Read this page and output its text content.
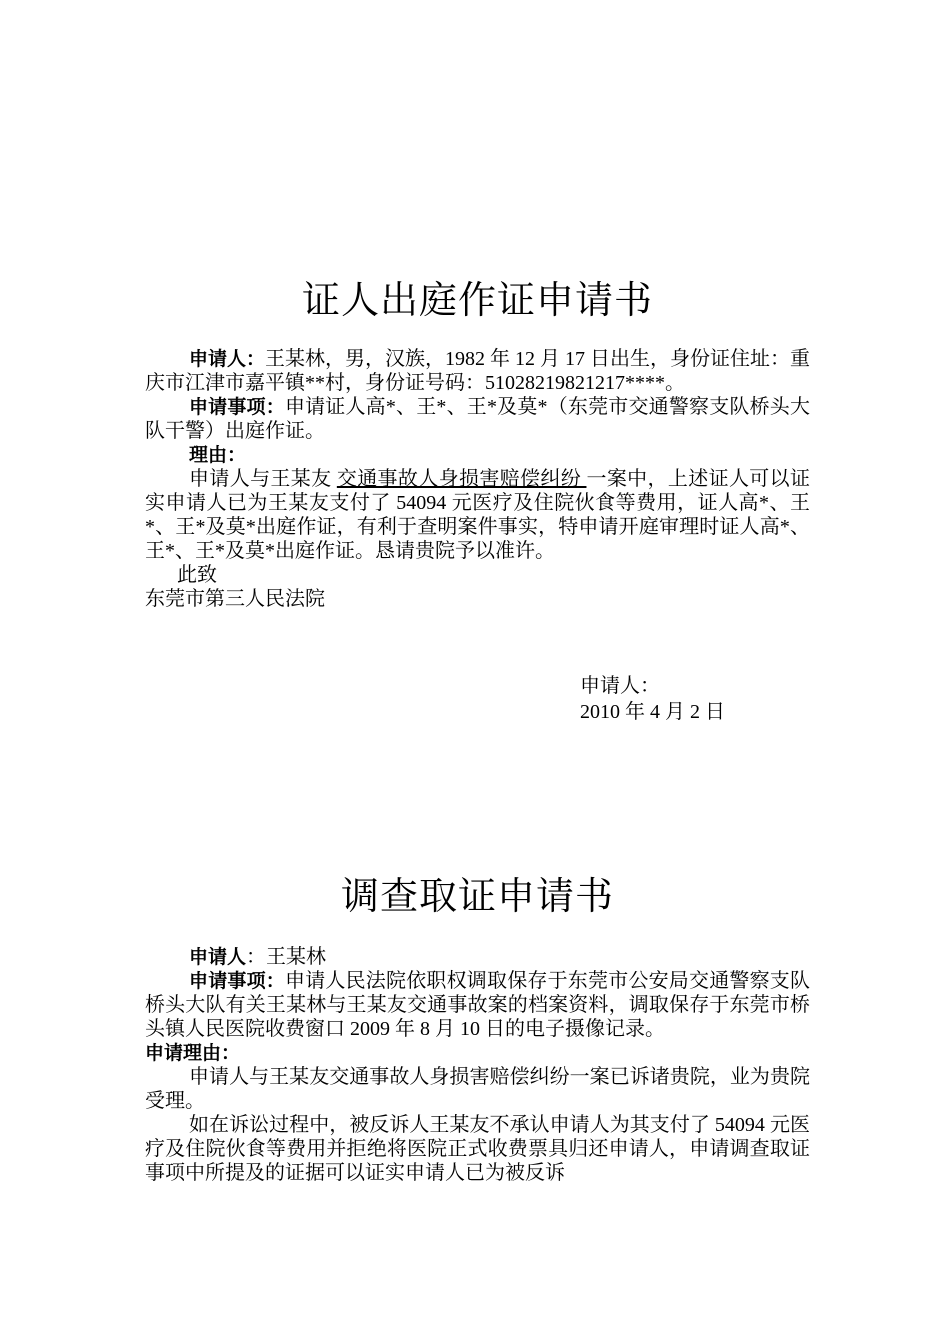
证人出庭作证申请书

申请人：王某林，男，汉族，1982 年 12 月 17 日出生，身份证住址：重庆市江津市嘉平镇**村，身份证号码：51028219821217****。

申请事项：申请证人高*、王*、王*及莫*（东莞市交通警察支队桥头大队干警）出庭作证。

理由：

申请人与王某友 交通事故人身损害赔偿纠纷 一案中，上述证人可以证实申请人已为王某友支付了 54094 元医疗及住院伙食等费用，证人高*、王*、王*及莫*出庭作证，有利于查明案件事实，特申请开庭审理时证人高*、王*、王*及莫*出庭作证。恳请贵院予以准许。

此致

东莞市第三人民法院

申请人：
2010 年 4 月 2 日
调查取证申请书

申请人：王某林

申请事项：申请人民法院依职权调取保存于东莞市公安局交通警察支队桥头大队有关王某林与王某友交通事故案的档案资料，调取保存于东莞市桥头镇人民医院收费窗口 2009 年 8 月 10 日的电子摄像记录。

申请理由：

申请人与王某友交通事故人身损害赔偿纠纷一案已诉诸贵院，业为贵院受理。

如在诉讼过程中，被反诉人王某友不承认申请人为其支付了 54094 元医疗及住院伙食等费用并拒绝将医院正式收费票具归还申请人，申请调查取证事项中所提及的证据可以证实申请人已为被反诉
